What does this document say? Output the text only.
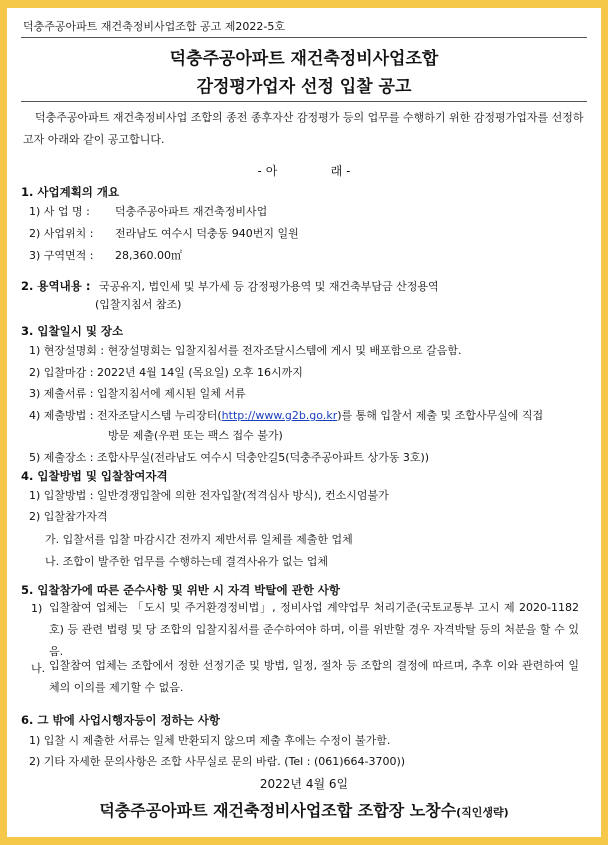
덕충주공아파트 재건축정비사업조합 공고 제2022-5호
덕충주공아파트 재건축정비사업조합
감정평가업자 선정 입찰 공고
덕충주공아파트 재건축정비사업 조합의 종전 종후자산 감정평가 등의 업무를 수행하기 위한 감정평가업자를 선정하고자 아래와 같이 공고합니다.
- 아              래 -
1. 사업계획의 개요
1) 사 업 명 : 덕충주공아파트 재건축정비사업
2) 사업위치 : 전라남도 여수시 덕충동 940번지 일원
3) 구역면적 : 28,360.00㎡
2. 용역내용 : 국공유지, 법인세 및 부가세 등 감정평가용역 및 재건축부담금 산정용역
(입찰지침서 참조)
3. 입찰일시 및 장소
1) 현장설명회 : 현장설명회는 입찰지침서를 전자조달시스템에 게시 및 배포함으로 갈음함.
2) 입찰마감 : 2022년 4월 14일 (목요일) 오후 16시까지
3) 제출서류 : 입찰지침서에 제시된 일체 서류
4) 제출방법 : 전자조달시스템 누리장터(http://www.g2b.go.kr)를 통해 입찰서 제출 및 조합사무실에 직접
방문 제출(우편 또는 팩스 접수 불가)
5) 제출장소 : 조합사무실(전라남도 여수시 덕충안길5(덕충주공아파트 상가동 3호))
4. 입찰방법 및 입찰참여자격
1) 입찰방법 : 일반경쟁입찰에 의한 전자입찰(적격심사 방식), 컨소시엄불가
2) 입찰참가자격
가. 입찰서를 입찰 마감시간 전까지 제반서류 일체를 제출한 업체
나. 조합이 발주한 업무를 수행하는데 결격사유가 없는 업체
5. 입찰참가에 따른 준수사항 및 위반 시 자격 박탈에 관한 사항
1) 입찰참여 업체는 「도시 및 주거환경정비법」, 정비사업 계약업무 처리기준(국토교통부 고시 제 2020-1182호) 등 관련 법령 및 당 조합의 입찰지침서를 준수하여야 하며, 이를 위반할 경우 자격박탈 등의 처분을 할 수 있음.
나. 입찰참여 업체는 조합에서 정한 선정기준 및 방법, 일정, 절차 등 조합의 결정에 따르며, 추후 이와 관련하여 일체의 이의를 제기할 수 없음.
6. 그 밖에 사업시행자등이 정하는 사항
1) 입찰 시 제출한 서류는 일체 반환되지 않으며 제출 후에는 수정이 불가함.
2) 기타 자세한 문의사항은 조합 사무실로 문의 바람. (Tel : (061)664-3700))
2022년 4월 6일
덕충주공아파트 재건축정비사업조합 조합장 노창수(직인생략)
